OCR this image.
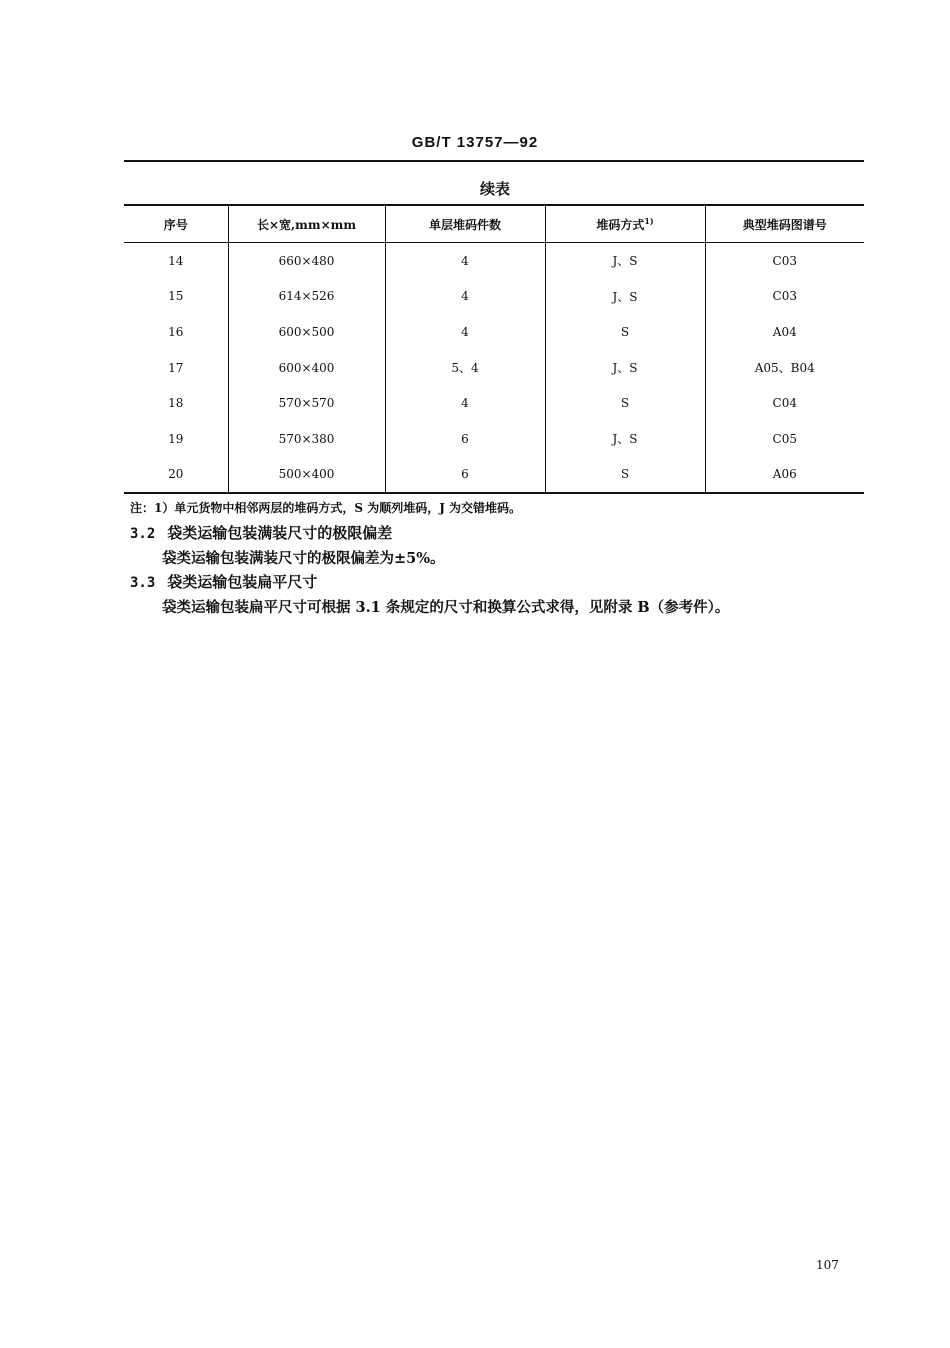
GB/T 13757—92
续表
序号	长×宽,mm×mm	单层堆码件数	堆码方式$^{1)}$	典型堆码图谱号
14	660×480	4	J、S	C03
15	614×526	4	J、S	C03
16	600×500	4	S	A04
17	600×400	5、4	J、S	A05、B04
18	570×570	4	S	C04
19	570×380	6	J、S	C05
20	500×400	6	S	A06
注：1）单元货物中相邻两层的堆码方式，S 为顺列堆码，J 为交错堆码。
3.2 袋类运输包装满装尺寸的极限偏差
袋类运输包装满装尺寸的极限偏差为±5%。
3.3 袋类运输包装扁平尺寸
袋类运输包装扁平尺寸可根据 3.1 条规定的尺寸和换算公式求得，见附录 B（参考件）。
107
